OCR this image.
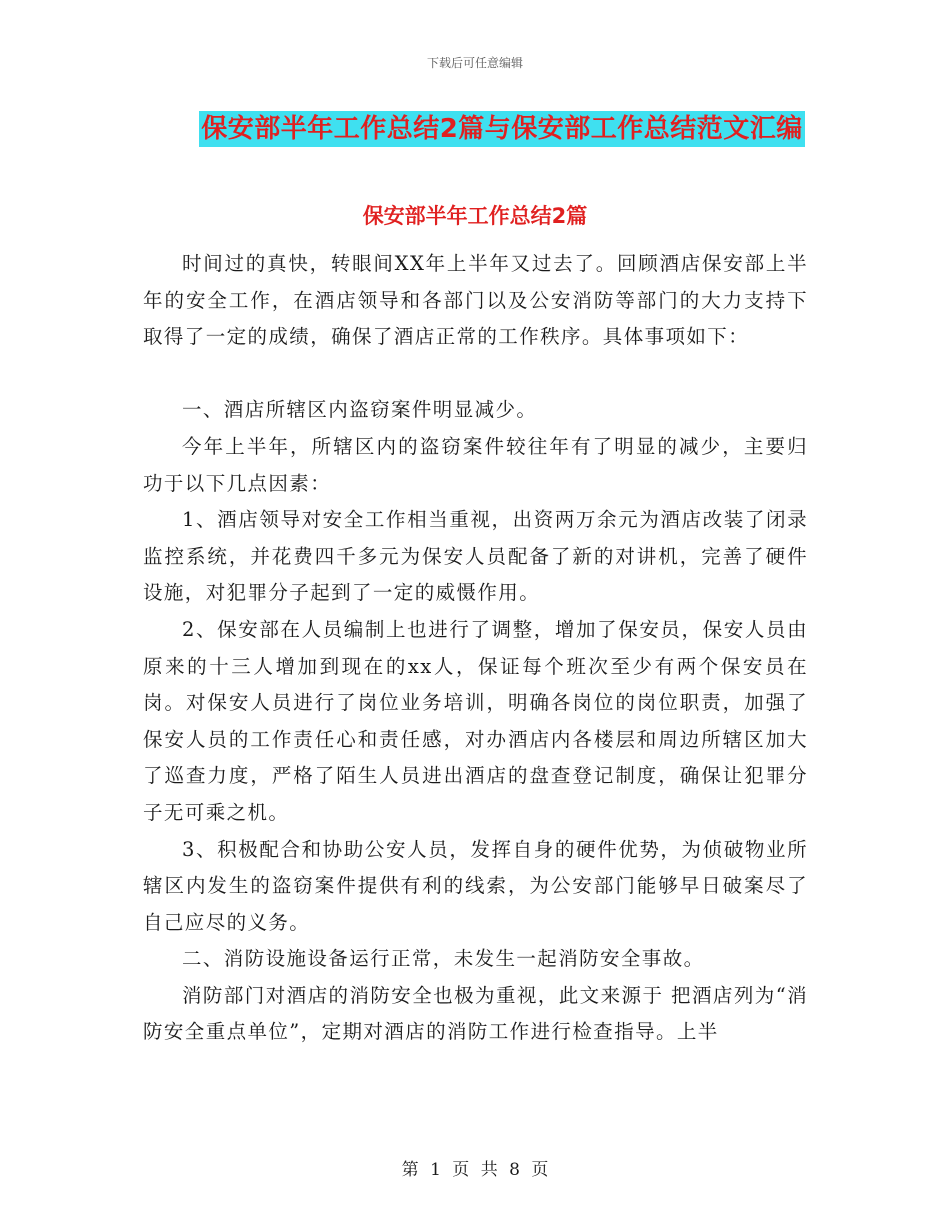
下载后可任意编辑
保安部半年工作总结2篇与保安部工作总结范文汇编
保安部半年工作总结2篇

时间过的真快，转眼间XX年上半年又过去了。回顾酒店保安部上半年的安全工作，在酒店领导和各部门以及公安消防等部门的大力支持下取得了一定的成绩，确保了酒店正常的工作秩序。具体事项如下：

一、酒店所辖区内盗窃案件明显减少。

今年上半年，所辖区内的盗窃案件较往年有了明显的减少，主要归功于以下几点因素：

1、酒店领导对安全工作相当重视，出资两万余元为酒店改装了闭录监控系统，并花费四千多元为保安人员配备了新的对讲机，完善了硬件设施，对犯罪分子起到了一定的威慑作用。

2、保安部在人员编制上也进行了调整，增加了保安员，保安人员由原来的十三人增加到现在的xx人，保证每个班次至少有两个保安员在岗。对保安人员进行了岗位业务培训，明确各岗位的岗位职责，加强了保安人员的工作责任心和责任感，对办酒店内各楼层和周边所辖区加大了巡查力度，严格了陌生人员进出酒店的盘查登记制度，确保让犯罪分子无可乘之机。

3、积极配合和协助公安人员，发挥自身的硬件优势，为侦破物业所辖区内发生的盗窃案件提供有利的线索，为公安部门能够早日破案尽了自己应尽的义务。

二、消防设施设备运行正常，未发生一起消防安全事故。

消防部门对酒店的消防安全也极为重视，此文来源于 把酒店列为“消防安全重点单位”，定期对酒店的消防工作进行检查指导。上半

第 1 页 共 8 页
